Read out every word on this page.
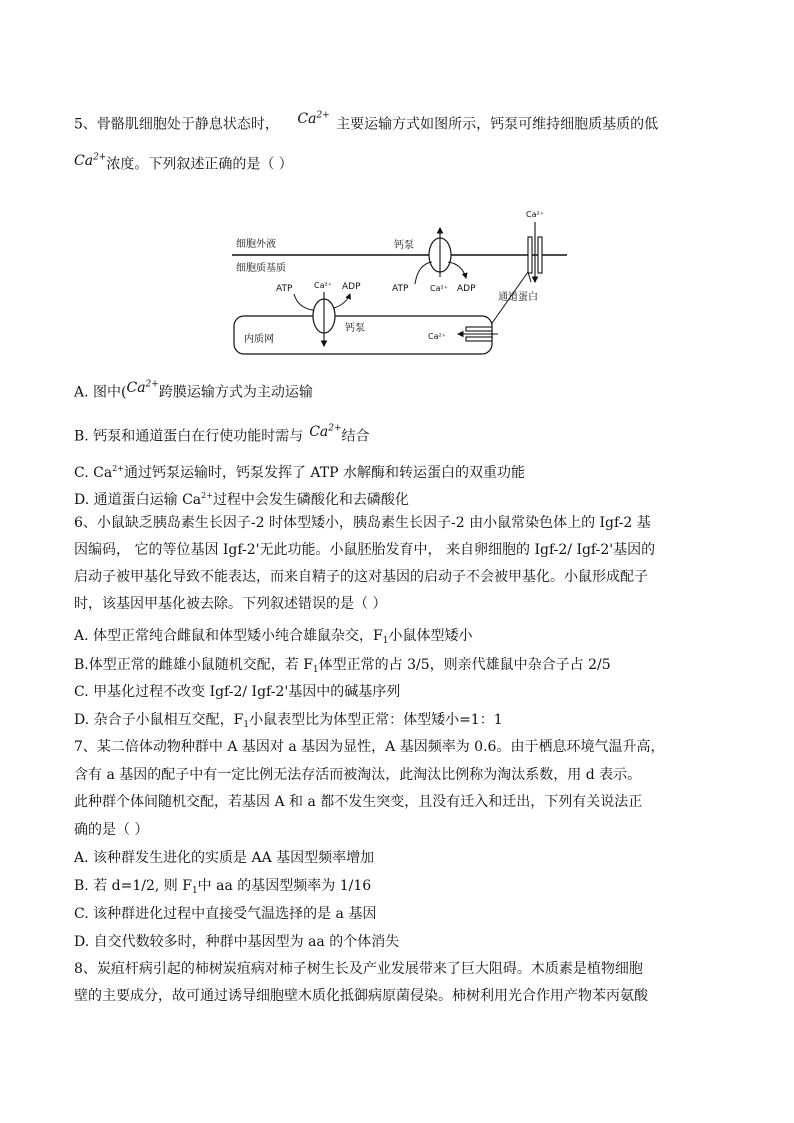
5、骨骼肌细胞处于静息状态时， $Ca^{2+}$ 主要运输方式如图所示，钙泵可维持细胞质基质的低
$Ca^{2+}$浓度。下列叙述正确的是（ ）
细胞外液
细胞质基质
钙泵
ATP	Ca²⁺ ADP
Ca²⁺
通道蛋白
内质网
Ca²⁺
ATP	ADP
钙泵
Ca²⁺
A. 图中($Ca^{2+}$跨膜运输方式为主动运输
B. 钙泵和通道蛋白在行使功能时需与 $Ca^{2+}$结合
C. $Ca^{2+}$通过钙泵运输时，钙泵发挥了 ATP 水解酶和转运蛋白的双重功能
D. 通道蛋白运输 $Ca^{2+}$过程中会发生磷酸化和去磷酸化
6、小鼠缺乏胰岛素生长因子-2 时体型矮小，胰岛素生长因子-2 由小鼠常染色体上的 Igf-2 基
因编码， 它的等位基因 Igf-2'无此功能。小鼠胚胎发育中， 来自卵细胞的 Igf-2/ Igf-2'基因的
启动子被甲基化导致不能表达，而来自精子的这对基因的启动子不会被甲基化。小鼠形成配子
时，该基因甲基化被去除。下列叙述错误的是（ ）
A. 体型正常纯合雌鼠和体型矮小纯合雄鼠杂交，$F_1$小鼠体型矮小
B.体型正常的雌雄小鼠随机交配，若 $F_1$体型正常的占 3/5，则亲代雄鼠中杂合子占 2/5
C. 甲基化过程不改变 Igf-2/ Igf-2'基因中的碱基序列
D. 杂合子小鼠相互交配，$F_1$小鼠表型比为体型正常：体型矮小=1：1
7、某二倍体动物种群中 A 基因对 a 基因为显性，A 基因频率为 0.6。由于栖息环境气温升高，
含有 a 基因的配子中有一定比例无法存活而被淘汰，此淘汰比例称为淘汰系数，用 d 表示。
此种群个体间随机交配，若基因 A 和 a 都不发生突变，且没有迁入和迁出，下列有关说法正
确的是（ ）
A. 该种群发生进化的实质是 AA 基因型频率增加
B. 若 d=1/2, 则 $F_1$中 aa 的基因型频率为 1/16
C. 该种群进化过程中直接受气温选择的是 a 基因
D. 自交代数较多时，种群中基因型为 aa 的个体消失
8、炭疽杆病引起的柿树炭疽病对柿子树生长及产业发展带来了巨大阻碍。木质素是植物细胞
壁的主要成分，故可通过诱导细胞壁木质化抵御病原菌侵染。柿树利用光合作用产物苯丙氨酸
